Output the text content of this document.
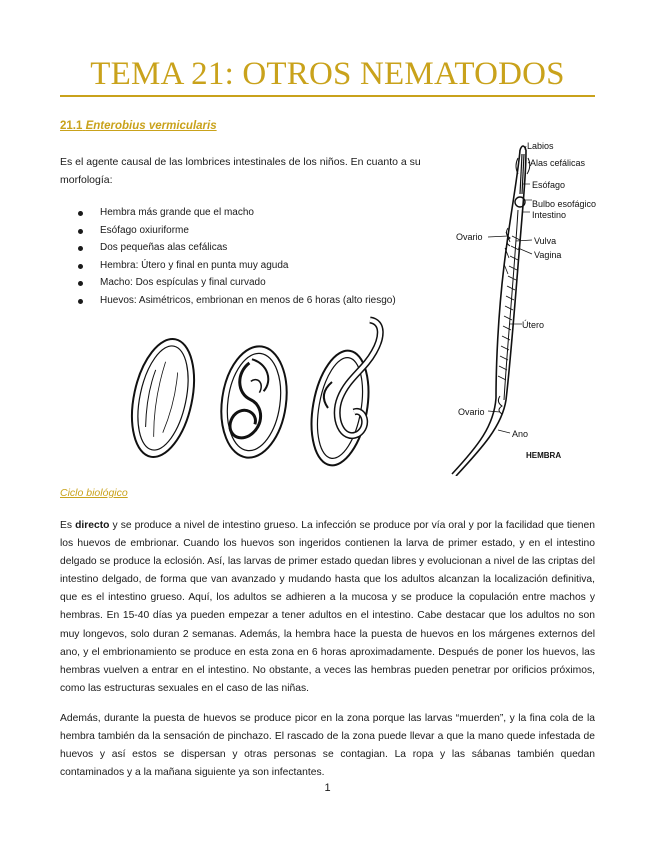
TEMA 21: OTROS NEMATODOS
21.1 Enterobius vermicularis

Es el agente causal de las lombrices intestinales de los niños. En cuanto a su morfología:

Hembra más grande que el macho
Esófago oxiuriforme
Dos pequeñas alas cefálicas
Hembra: Útero y final en punta muy aguda
Macho: Dos espículas y final curvado
Huevos: Asimétricos, embrionan en menos de 6 horas (alto riesgo)
Labios
Alas cefálicas
Esófago
Bulbo esofágico
Intestino
Ovario	Vulva
Vagina
Útero
Ovario
Ano
HEMBRA
Ciclo biológico

Es directo y se produce a nivel de intestino grueso. La infección se produce por vía oral y por la facilidad que tienen los huevos de embrionar. Cuando los huevos son ingeridos contienen la larva de primer estado, y en el intestino delgado se produce la eclosión. Así, las larvas de primer estado quedan libres y evolucionan a nivel de las criptas del intestino delgado, de forma que van avanzado y mudando hasta que los adultos alcanzan la localización definitiva, que es el intestino grueso. Aquí, los adultos se adhieren a la mucosa y se produce la copulación entre machos y hembras. En 15-40 días ya pueden empezar a tener adultos en el intestino. Cabe destacar que los adultos no son muy longevos, solo duran 2 semanas. Además, la hembra hace la puesta de huevos en los márgenes externos del ano, y el embrionamiento se produce en esta zona en 6 horas aproximadamente. Después de poner los huevos, las hembras vuelven a entrar en el intestino. No obstante, a veces las hembras pueden penetrar por orificios próximos, como las estructuras sexuales en el caso de las niñas.

Además, durante la puesta de huevos se produce picor en la zona porque las larvas “muerden”, y la fina cola de la hembra también da la sensación de pinchazo. El rascado de la zona puede llevar a que la mano quede infestada de huevos y así estos se dispersan y otras personas se contagian. La ropa y las sábanas también quedan contaminados y a la mañana siguiente ya son infectantes.

1
